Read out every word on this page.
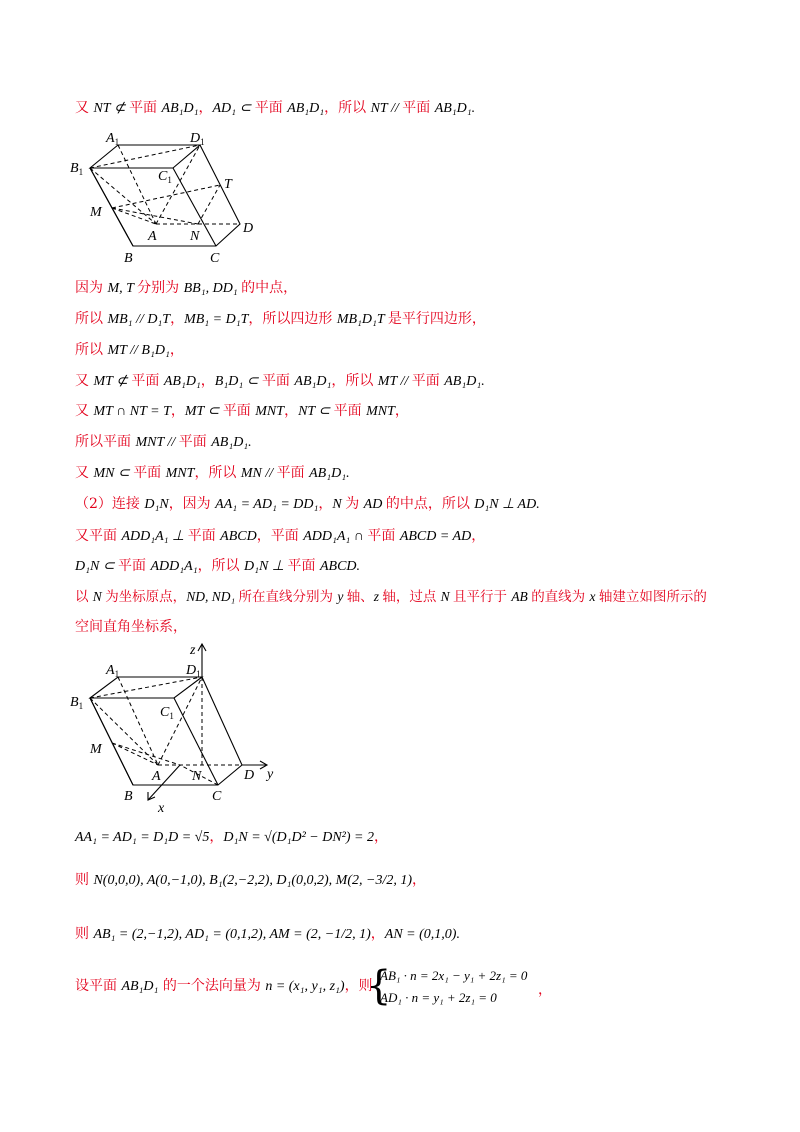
又 NT ⊄ 平面 AB₁D₁，AD₁ ⊂ 平面 AB₁D₁，所以 NT // 平面 AB₁D₁.
$A_1$	$D_1$
$B_1$	$C_1$	T
M
A N
D
B	C
因为 M, T 分别为 BB₁, DD₁ 的中点，
所以 MB₁ // D₁T，MB₁ = D₁T，所以四边形 MB₁D₁T 是平行四边形，
所以 MT // B₁D₁，
又 MT ⊄ 平面 AB₁D₁，B₁D₁ ⊂ 平面 AB₁D₁，所以 MT // 平面 AB₁D₁.
又 MT ∩ NT = T，MT ⊂ 平面 MNT，NT ⊂ 平面 MNT，
所以平面 MNT // 平面 AB₁D₁.
又 MN ⊂ 平面 MNT，所以 MN // 平面 AB₁D₁.
（2）连接 D₁N，因为 AA₁ = AD₁ = DD₁，N 为 AD 的中点，所以 D₁N ⊥ AD.
又平面 ADD₁A₁ ⊥ 平面 ABCD，平面 ADD₁A₁ ∩ 平面 ABCD = AD，
D₁N ⊂ 平面 ADD₁A₁，所以 D₁N ⊥ 平面 ABCD.
以 N 为坐标原点，ND, ND₁ 所在直线分别为 y 轴、z 轴，过点 N 且平行于 AB 的直线为 x 轴建立如图所示的
空间直角坐标系，
z
$A_1$	$D_1$
$B_1$	$C_1$
M
A N	D y
B	C
x
AA₁ = AD₁ = D₁D = √5，D₁N = √(D₁D² − DN²) = 2，
则 N(0,0,0), A(0,−1,0), B₁(2,−2,2), D₁(0,0,2), M(2, −3/2, 1)，
则 AB₁ = (2,−1,2), AD₁ = (0,1,2), AM = (2, −1/2, 1)，AN = (0,1,0).
设平面 AB₁D₁ 的一个法向量为 n = (x₁, y₁, z₁)，则
{
AB₁ · n = 2x₁ − y₁ + 2z₁ = 0
AD₁ · n = y₁ + 2z₁ = 0	，
